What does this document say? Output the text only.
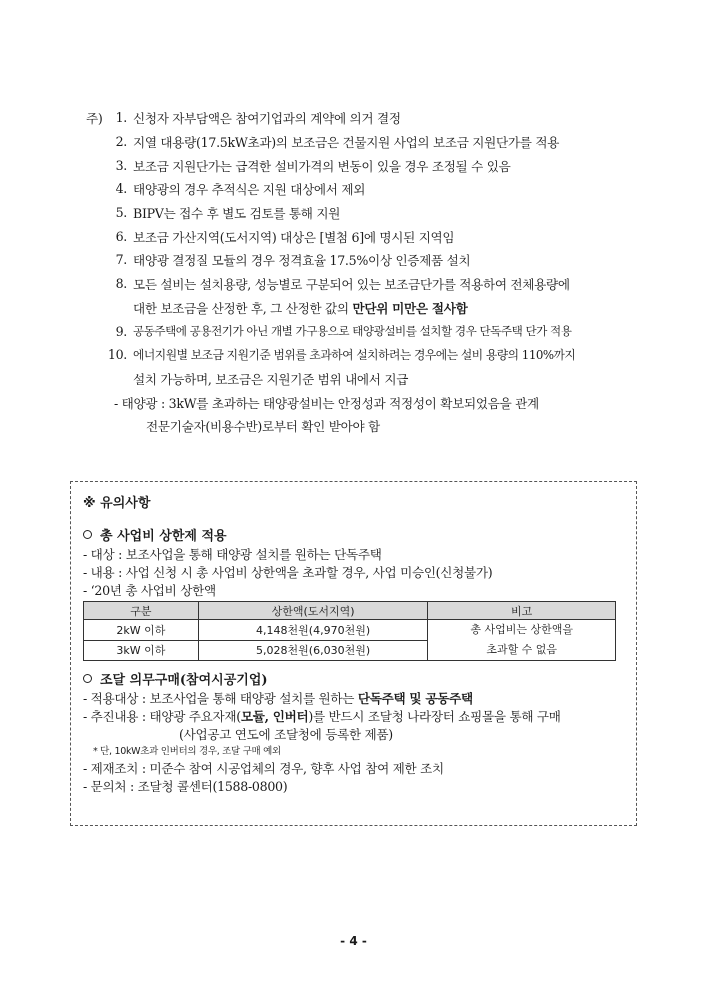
주)	1. 신청자 자부담액은 참여기업과의 계약에 의거 결정
2. 지열 대용량(17.5kW초과)의 보조금은 건물지원 사업의 보조금 지원단가를 적용
3. 보조금 지원단가는 급격한 설비가격의 변동이 있을 경우 조정될 수 있음
4. 태양광의 경우 추적식은 지원 대상에서 제외
5. BIPV는 접수 후 별도 검토를 통해 지원
6. 보조금 가산지역(도서지역) 대상은 [별첨 6]에 명시된 지역임
7. 태양광 결정질 모듈의 경우 정격효율 17.5%이상 인증제품 설치
8. 모든 설비는 설치용량, 성능별로 구분되어 있는 보조금단가를 적용하여 전체용량에
대한 보조금을 산정한 후, 그 산정한 값의
만단위 미만은 절사함
9. 공동주택에 공용전기가 아닌 개별 가구용으로 태양광설비를 설치할 경우 단독주택 단가 적용
10. 에너지원별 보조금 지원기준 범위를 초과하여 설치하려는 경우에는 설비 용량의 110%까지
설치 가능하며, 보조금은 지원기준 범위 내에서 지급
- 태양광 : 3kW를 초과하는 태양광설비는 안정성과 적정성이 확보되었음을 관계
전문기술자(비용수반)로부터 확인 받아야 함
※ 유의사항
총 사업비 상한제 적용
- 대상 : 보조사업을 통해 태양광 설치를 원하는 단독주택
- 내용 : 사업 신청 시 총 사업비 상한액을 초과할 경우, 사업 미승인(신청불가)
- ‘20년 총 사업비 상한액
구분	상한액(도서지역)	비고
2kW 이하	4,148천원(4,970천원)	총 사업비는 상한액을
초과할 수 없음

3kW 이하	5,028천원(6,030천원)	
조달 의무구매(참여시공기업)
- 적용대상 : 보조사업을 통해 태양광 설치를 원하는
단독주택 및 공동주택
- 추진내용 : 태양광 주요자재( 모듈, 인버터 )를 반드시 조달청 나라장터 쇼핑몰을 통해 구매
(사업공고 연도에 조달청에 등록한 제품)
* 단, 10kW초과 인버터의 경우, 조달 구매 예외
- 제재조치 : 미준수 참여 시공업체의 경우, 향후 사업 참여 제한 조치
- 문의처 : 조달청 콜센터(1588-0800)
- 4 -
